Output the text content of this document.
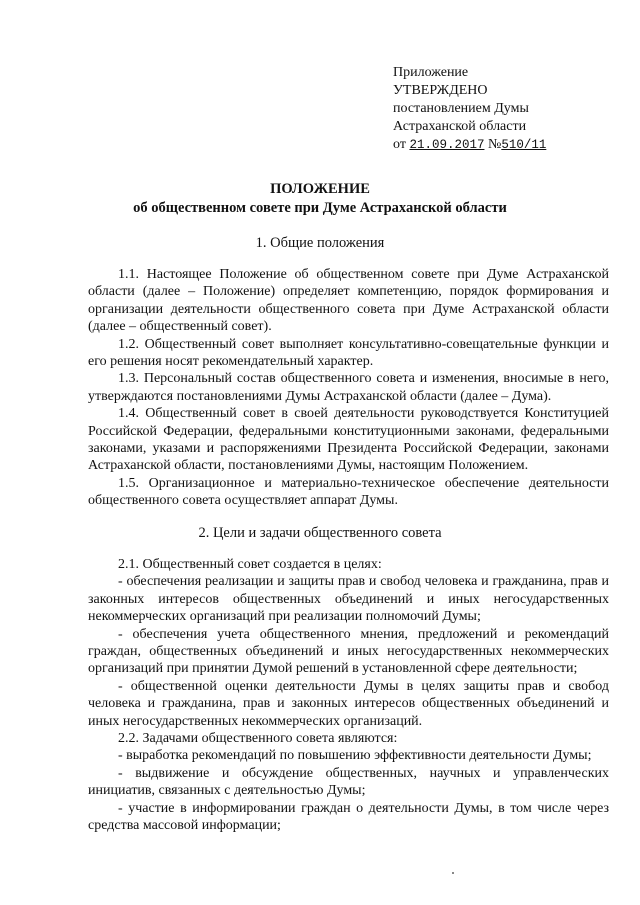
Приложение
УТВЕРЖДЕНО
постановлением Думы
Астраханской области
от 21.09.2017 №510/11
ПОЛОЖЕНИЕ
об общественном совете при Думе Астраханской области
1. Общие положения

1.1. Настоящее Положение об общественном совете при Думе Астраханской области (далее – Положение) определяет компетенцию, порядок формирования и организации деятельности общественного совета при Думе Астраханской области (далее – общественный совет).

1.2. Общественный совет выполняет консультативно-совещательные функции и его решения носят рекомендательный характер.

1.3. Персональный состав общественного совета и изменения, вносимые в него, утверждаются постановлениями Думы Астраханской области (далее – Дума).

1.4. Общественный совет в своей деятельности руководствуется Конституцией Российской Федерации, федеральными конституционными законами, федеральными законами, указами и распоряжениями Президента Российской Федерации, законами Астраханской области, постановлениями Думы, настоящим Положением.

1.5. Организационное и материально-техническое обеспечение деятельности общественного совета осуществляет аппарат Думы.

2. Цели и задачи общественного совета

2.1. Общественный совет создается в целях:

- обеспечения реализации и защиты прав и свобод человека и гражданина, прав и законных интересов общественных объединений и иных негосударственных некоммерческих организаций при реализации полномочий Думы;

- обеспечения учета общественного мнения, предложений и рекомендаций граждан, общественных объединений и иных негосударственных некоммерческих организаций при принятии Думой решений в установленной сфере деятельности;

- общественной оценки деятельности Думы в целях защиты прав и свобод человека и гражданина, прав и законных интересов общественных объединений и иных негосударственных некоммерческих организаций.

2.2. Задачами общественного совета являются:

- выработка рекомендаций по повышению эффективности деятельности Думы;

- выдвижение и обсуждение общественных, научных и управленческих инициатив, связанных с деятельностью Думы;

- участие в информировании граждан о деятельности Думы, в том числе через средства массовой информации;
